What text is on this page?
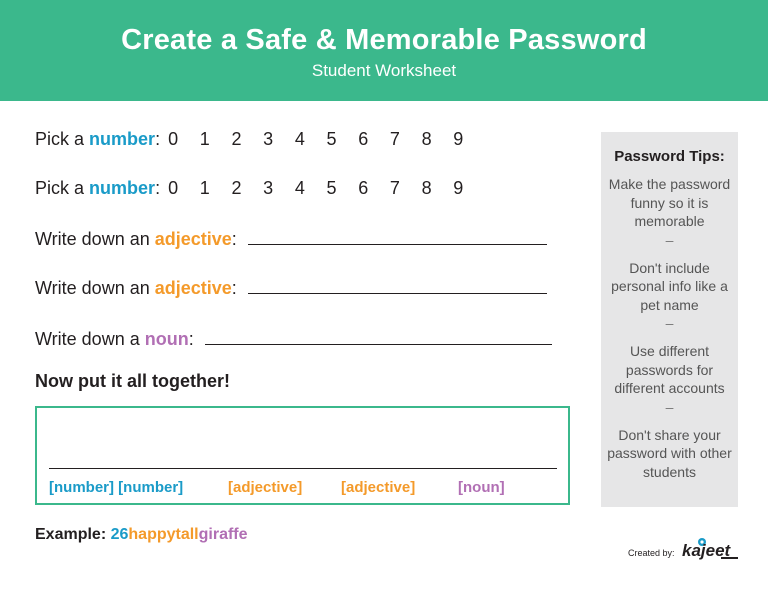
Create a Safe & Memorable Password
Student Worksheet
Pick a
number : 0	1	2	3	4	5	6	7	8	9
Pick a
number : 0	1	2	3	4	5	6	7	8	9
Write down an
adjective :
Write down an
adjective :
Write down a
noun :
Now put it all together!
[number] [number]	[adjective]	[adjective]	[noun]
Example: 26happytallgiraffe
Password Tips:
Make the password funny so it is memorable
–
Don't include personal info like a pet name
–
Use different passwords for different accounts
–
Don't share your password with other students
Created by: kajeet
